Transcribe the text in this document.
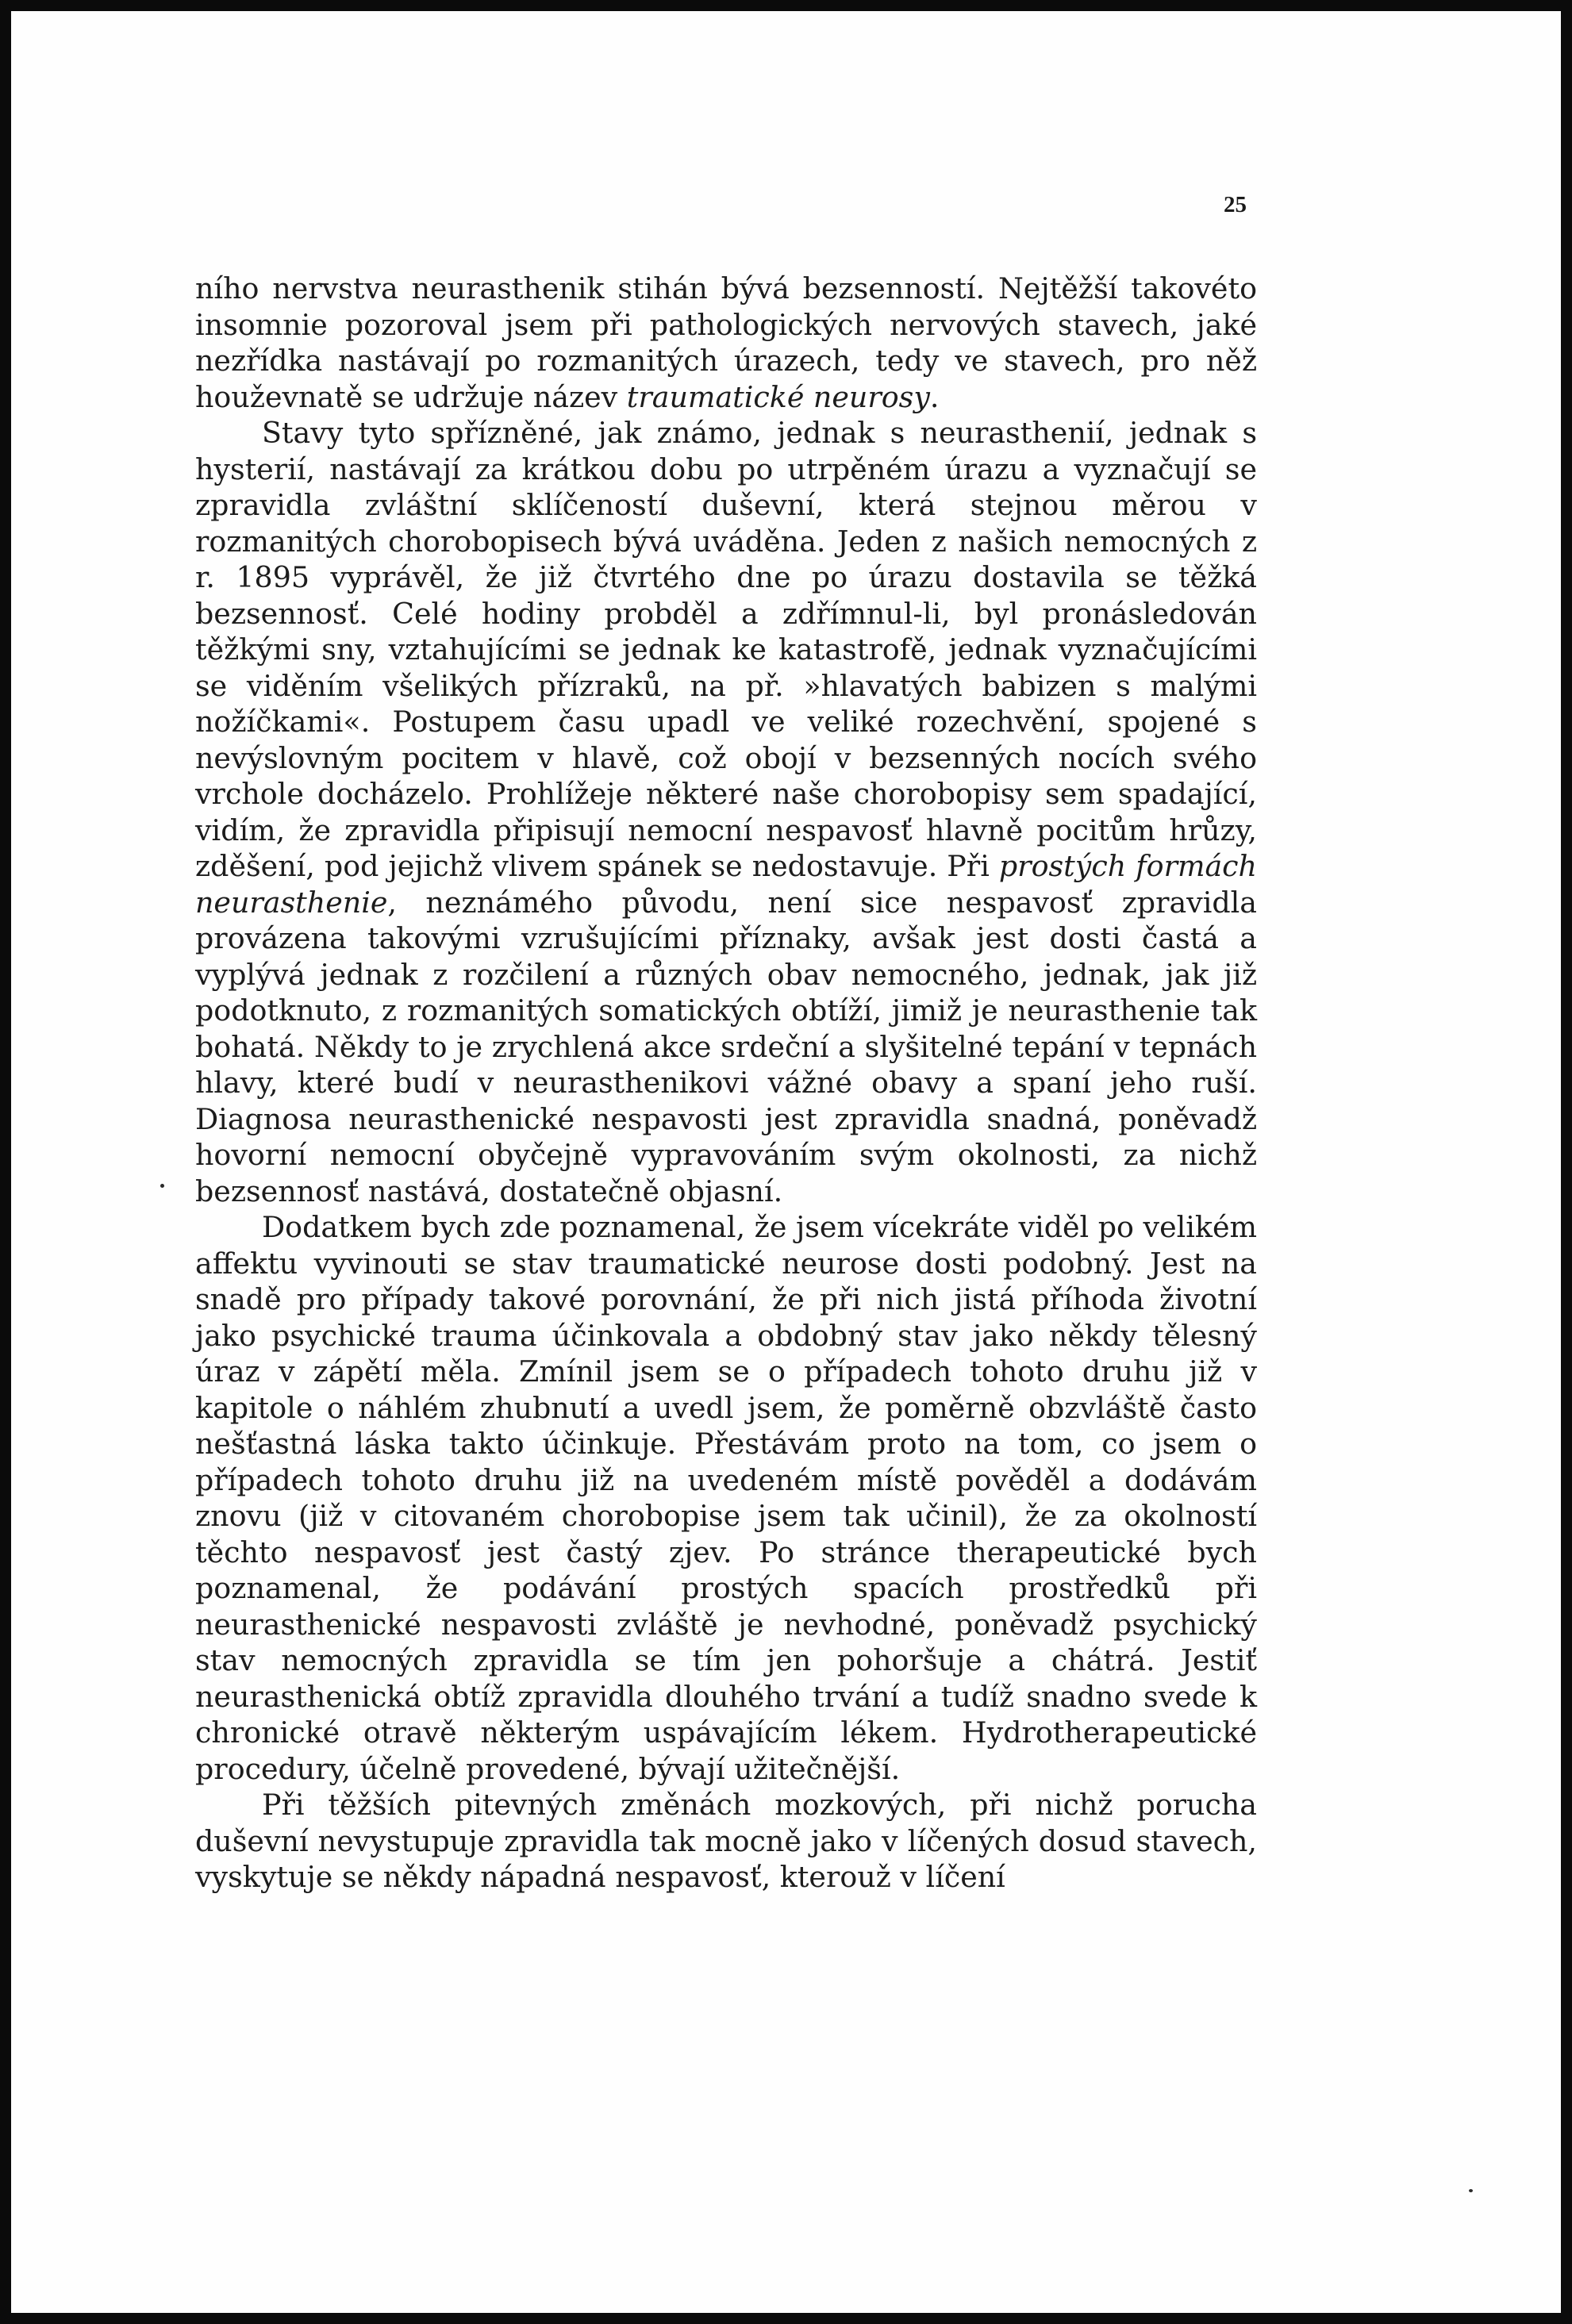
25

ního nervstva neurasthenik stihán bývá bezsenností. Nejtěžší takovéto insomnie pozoroval jsem při pathologických nervových stavech, jaké nezřídka nastávají po rozmanitých úrazech, tedy ve stavech, pro něž houževnatě se udržuje název traumatické neurosy.

Stavy tyto spřízněné, jak známo, jednak s neurasthenií, jednak s hysterií, nastávají za krátkou dobu po utrpěném úrazu a vyznačují se zpravidla zvláštní sklíčeností duševní, která stejnou měrou v rozmanitých chorobopisech bývá uváděna. Jeden z našich nemocných z r. 1895 vyprávěl, že již čtvrtého dne po úrazu dostavila se těžká bezsennosť. Celé hodiny probděl a zdřímnul-li, byl pronásledován těžkými sny, vztahujícími se jednak ke katastrofě, jednak vyznačujícími se viděním všelikých přízraků, na př. »hlavatých babizen s malými nožíčkami«. Postupem času upadl ve veliké rozechvění, spojené s nevýslovným pocitem v hlavě, což obojí v bezsenných nocích svého vrchole docházelo. Prohlížeje některé naše chorobopisy sem spadající, vidím, že zpravidla připisují nemocní nespavosť hlavně pocitům hrůzy, zděšení, pod jejichž vlivem spánek se nedostavuje. Při prostých formách neurasthenie, neznámého původu, není sice nespavosť zpravidla provázena takovými vzrušujícími příznaky, avšak jest dosti častá a vyplývá jednak z rozčilení a různých obav nemocného, jednak, jak již podotknuto, z rozmanitých somatických obtíží, jimiž je neurasthenie tak bohatá. Někdy to je zrychlená akce srdeční a slyšitelné tepání v tepnách hlavy, které budí v neurasthenikovi vážné obavy a spaní jeho ruší. Diagnosa neurasthenické nespavosti jest zpravidla snadná, poněvadž hovorní nemocní obyčejně vypravováním svým okolnosti, za nichž bezsennosť nastává, dostatečně objasní.

Dodatkem bych zde poznamenal, že jsem vícekráte viděl po velikém affektu vyvinouti se stav traumatické neurose dosti podobný. Jest na snadě pro případy takové porovnání, že při nich jistá příhoda životní jako psychické trauma účinkovala a obdobný stav jako někdy tělesný úraz v zápětí měla. Zmínil jsem se o případech tohoto druhu již v kapitole o náhlém zhubnutí a uvedl jsem, že poměrně obzvláště často nešťastná láska takto účinkuje. Přestávám proto na tom, co jsem o případech tohoto druhu již na uvedeném místě pověděl a dodávám znovu (již v citovaném chorobopise jsem tak učinil), že za okolností těchto nespavosť jest častý zjev. Po stránce therapeutické bych poznamenal, že podávání prostých spacích prostředků při neurasthenické nespavosti zvláště je nevhodné, poněvadž psychický stav nemocných zpravidla se tím jen pohoršuje a chátrá. Jestiť neurasthenická obtíž zpravidla dlouhého trvání a tudíž snadno svede k chronické otravě některým uspávajícím lékem. Hydrotherapeutické procedury, účelně provedené, bývají užitečnější.

Při těžších pitevných změnách mozkových, při nichž porucha duševní nevystupuje zpravidla tak mocně jako v líčených dosud stavech, vyskytuje se někdy nápadná nespavosť, kterouž v líčení
